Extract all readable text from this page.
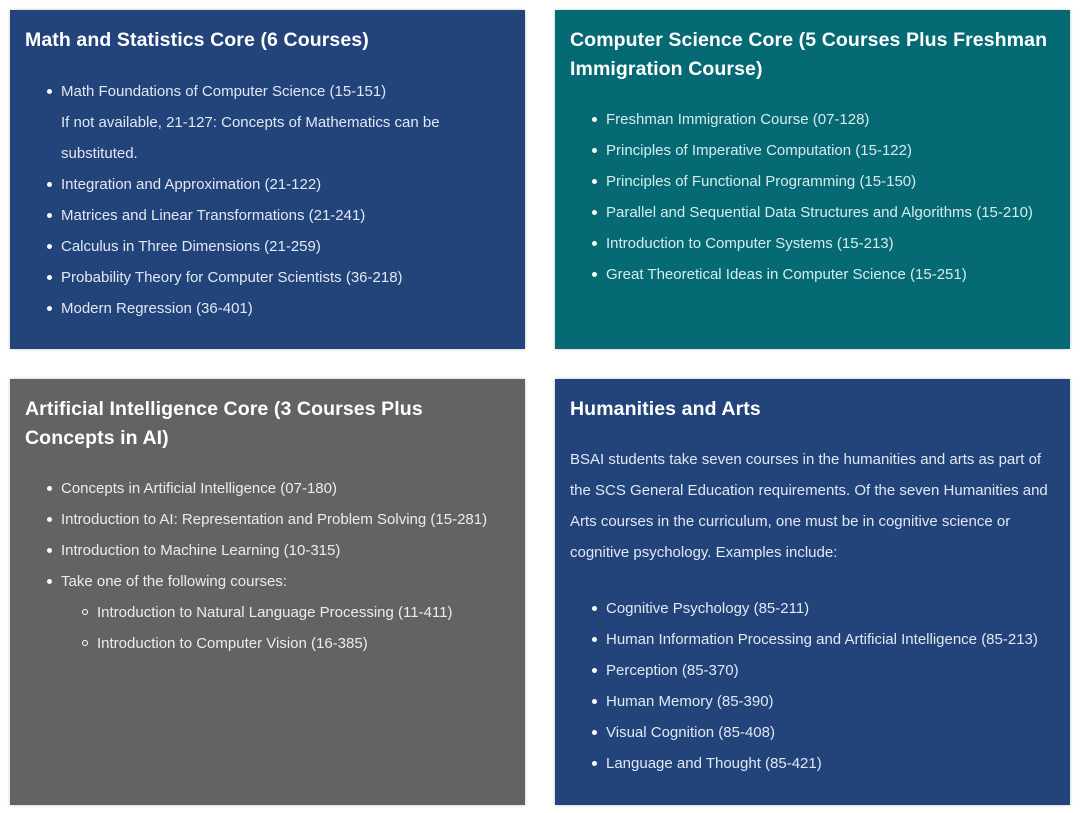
Math and Statistics Core (6 Courses)
Math Foundations of Computer Science (15-151)
If not available, 21-127: Concepts of Mathematics can be substituted.
Integration and Approximation (21-122)
Matrices and Linear Transformations (21-241)
Calculus in Three Dimensions (21-259)
Probability Theory for Computer Scientists (36-218)
Modern Regression (36-401)
Computer Science Core (5 Courses Plus Freshman Immigration Course)
Freshman Immigration Course (07-128)
Principles of Imperative Computation (15-122)
Principles of Functional Programming (15-150)
Parallel and Sequential Data Structures and Algorithms (15-210)
Introduction to Computer Systems (15-213)
Great Theoretical Ideas in Computer Science (15-251)
Artificial Intelligence Core (3 Courses Plus Concepts in AI)
Concepts in Artificial Intelligence (07-180)
Introduction to AI: Representation and Problem Solving (15-281)
Introduction to Machine Learning (10-315)
Take one of the following courses:
Introduction to Natural Language Processing (11-411)
Introduction to Computer Vision (16-385)
Humanities and Arts

BSAI students take seven courses in the humanities and arts as part of the SCS General Education requirements. Of the seven Humanities and Arts courses in the curriculum, one must be in cognitive science or cognitive psychology. Examples include:

Cognitive Psychology (85-211)
Human Information Processing and Artificial Intelligence (85-213)
Perception (85-370)
Human Memory (85-390)
Visual Cognition (85-408)
Language and Thought (85-421)
